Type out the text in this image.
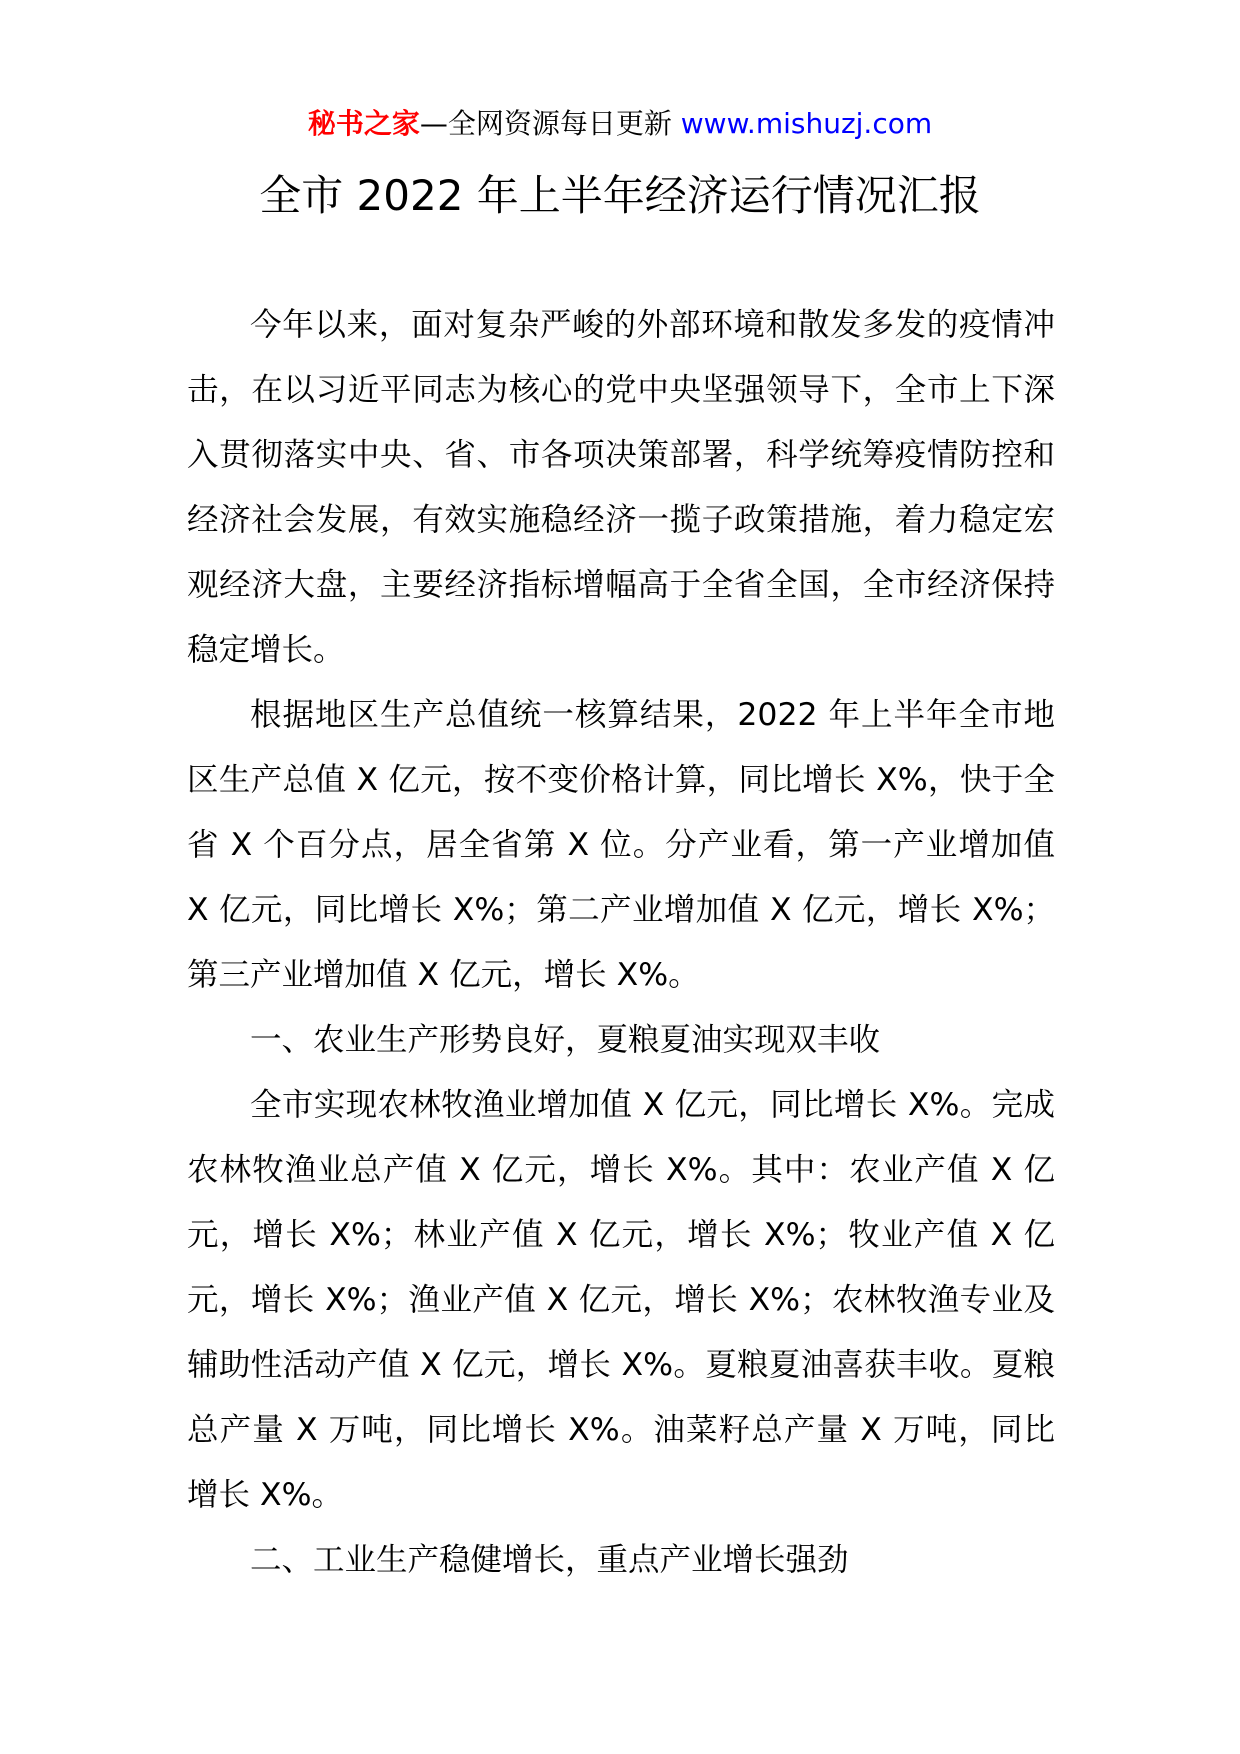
秘书之家—全网资源每日更新 www.mishuzj.com
全市 2022 年上半年经济运行情况汇报

今年以来，面对复杂严峻的外部环境和散发多发的疫情冲击，在以习近平同志为核心的党中央坚强领导下，全市上下深入贯彻落实中央、省、市各项决策部署，科学统筹疫情防控和经济社会发展，有效实施稳经济一揽子政策措施，着力稳定宏观经济大盘，主要经济指标增幅高于全省全国，全市经济保持稳定增长。

根据地区生产总值统一核算结果，2022 年上半年全市地区生产总值 X 亿元，按不变价格计算，同比增长 X%，快于全省 X 个百分点，居全省第 X 位。分产业看，第一产业增加值 X 亿元，同比增长 X%；第二产业增加值 X 亿元，增长 X%；第三产业增加值 X 亿元，增长 X%。

一、农业生产形势良好，夏粮夏油实现双丰收

全市实现农林牧渔业增加值 X 亿元，同比增长 X%。完成农林牧渔业总产值 X 亿元，增长 X%。其中：农业产值 X 亿元，增长 X%；林业产值 X 亿元，增长 X%；牧业产值 X 亿元，增长 X%；渔业产值 X 亿元，增长 X%；农林牧渔专业及辅助性活动产值 X 亿元，增长 X%。夏粮夏油喜获丰收。夏粮总产量 X 万吨，同比增长 X%。油菜籽总产量 X 万吨，同比增长 X%。

二、工业生产稳健增长，重点产业增长强劲
